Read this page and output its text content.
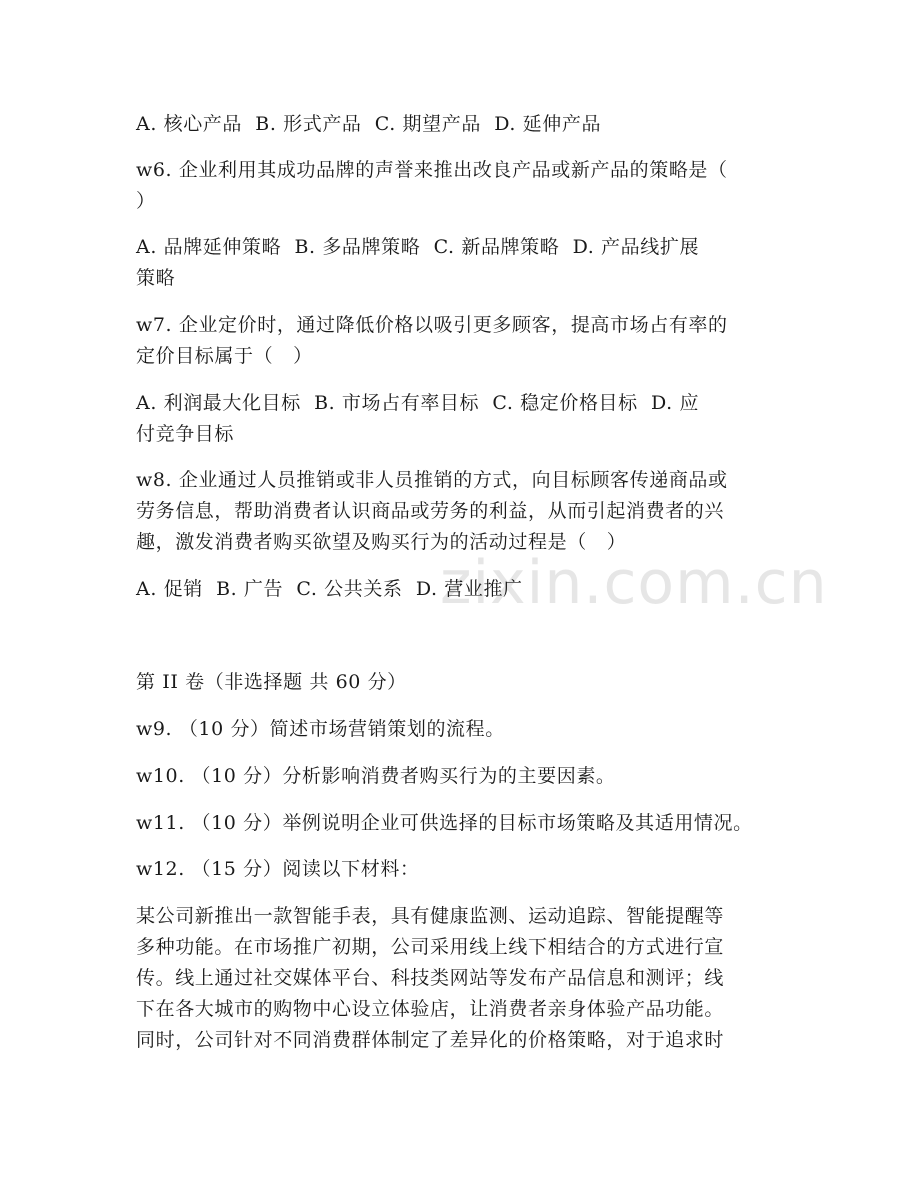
zixin.com.cn
A. 核心产品  B. 形式产品  C. 期望产品  D. 延伸产品
w6. 企业利用其成功品牌的声誉来推出改良产品或新产品的策略是（
）
A. 品牌延伸策略  B. 多品牌策略  C. 新品牌策略  D. 产品线扩展
策略
w7. 企业定价时，通过降低价格以吸引更多顾客，提高市场占有率的
定价目标属于（   ）
A. 利润最大化目标  B. 市场占有率目标  C. 稳定价格目标  D. 应
付竞争目标
w8. 企业通过人员推销或非人员推销的方式，向目标顾客传递商品或
劳务信息，帮助消费者认识商品或劳务的利益，从而引起消费者的兴
趣，激发消费者购买欲望及购买行为的活动过程是（   ）
A. 促销  B. 广告  C. 公共关系  D. 营业推广
第 II 卷（非选择题 共 60 分）
w9. （10 分）简述市场营销策划的流程。
w10. （10 分）分析影响消费者购买行为的主要因素。
w11. （10 分）举例说明企业可供选择的目标市场策略及其适用情况。
w12. （15 分）阅读以下材料：
某公司新推出一款智能手表，具有健康监测、运动追踪、智能提醒等
多种功能。在市场推广初期，公司采用线上线下相结合的方式进行宣
传。线上通过社交媒体平台、科技类网站等发布产品信息和测评；线
下在各大城市的购物中心设立体验店，让消费者亲身体验产品功能。
同时，公司针对不同消费群体制定了差异化的价格策略，对于追求时
